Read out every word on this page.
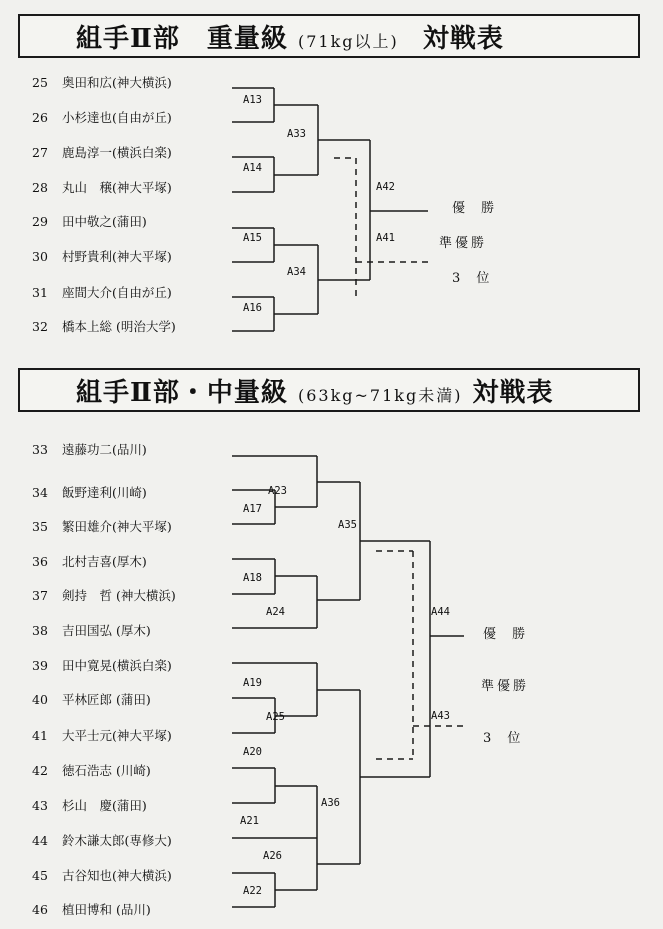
組手Ⅱ部　重量級 (71kg以上) 対戦表
25 奥田和広(神大横浜)
26 小杉達也(自由が丘)
27 鹿島淳一(横浜白楽)
28 丸山　穣(神大平塚)
29 田中敬之(蒲田)
30 村野貴利(神大平塚)
31 座間大介(自由が丘)
32 橋本上総 (明治大学)
組手Ⅱ部・中量級 (63kg~71kg未満) 対戦表
33 遠藤功二(品川)
34 飯野達利(川崎)
35 繁田雄介(神大平塚)
36 北村吉喜(厚木)
37 剣持　哲 (神大横浜)
38 吉田国弘 (厚木)
39 田中寛晃(横浜白楽)
40 平林匠郎 (蒲田)
41 大平士元(神大平塚)
42 徳石浩志 (川崎)
43 杉山　慶(蒲田)
44 鈴木謙太郎(専修大)
45 古谷知也(神大横浜)
46 植田博和 (品川)
A13
A14
A15
A16
A33
A34
A42
A41
優 勝
準優勝
3 位
A23
A17
A18
A24
A19
A25
A20
A21
A26
A22
A35
A36
A44
A43
優 勝
準優勝
3 位
